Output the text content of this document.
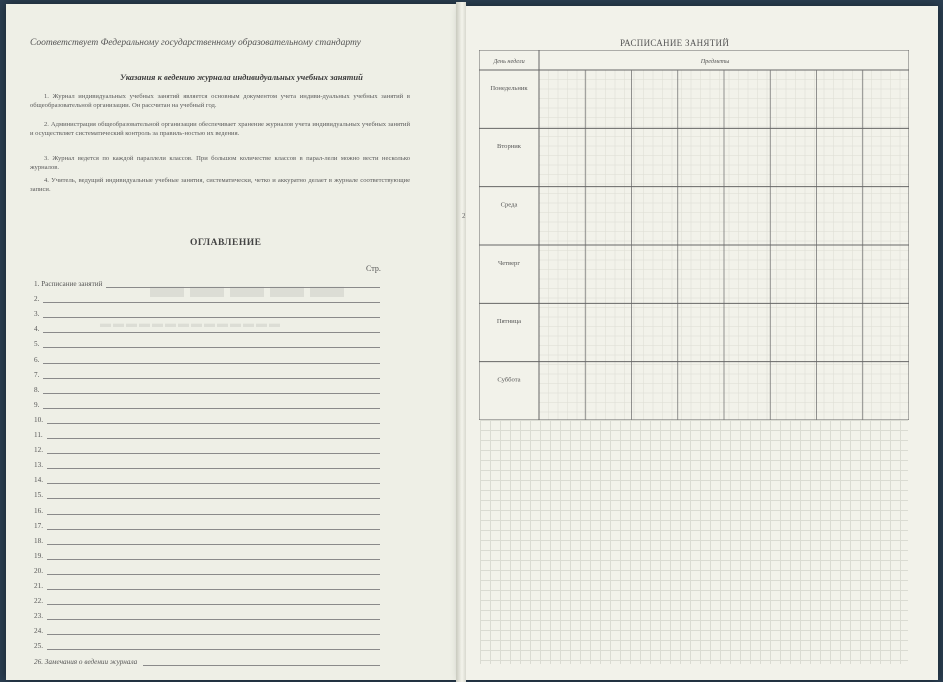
▬▬▬▬▬
▬▬▬▬▬▬▬▬▬▬▬▬▬▬
Соответствует Федеральному государственному образовательному стандарту
Указания к ведению журнала индивидуальных учебных занятий
1. Журнал индивидуальных учебных занятий является основным документом учета индиви-дуальных учебных занятий в общеобразовательной организации. Он рассчитан на учебный год.
2. Администрация общеобразовательной организации обеспечивает хранение журналов учета индивидуальных учебных занятий и осуществляет систематический контроль за правиль-ностью их ведения.
3. Журнал ведется по каждой параллели классов. При большом количестве классов в парал-лели можно вести несколько журналов.
4. Учитель, ведущий индивидуальные учебные занятия, систематически, четко и аккуратно делает в журнале соответствующие записи.
ОГЛАВЛЕНИЕ
Стр.
1. Расписание занятий
2.
3.
4.
5.
6.
7.
8.
9.
10.
11.
12.
13.
14.
15.
16.
17.
18.
19.
20.
21.
22.
23.
24.
25.
26. Замечания о ведении журнала
2
РАСПИСАНИЕ ЗАНЯТИЙ
День недели	Предметы
Понедельник
Вторник
Среда
Четверг
Пятница
Суббота
